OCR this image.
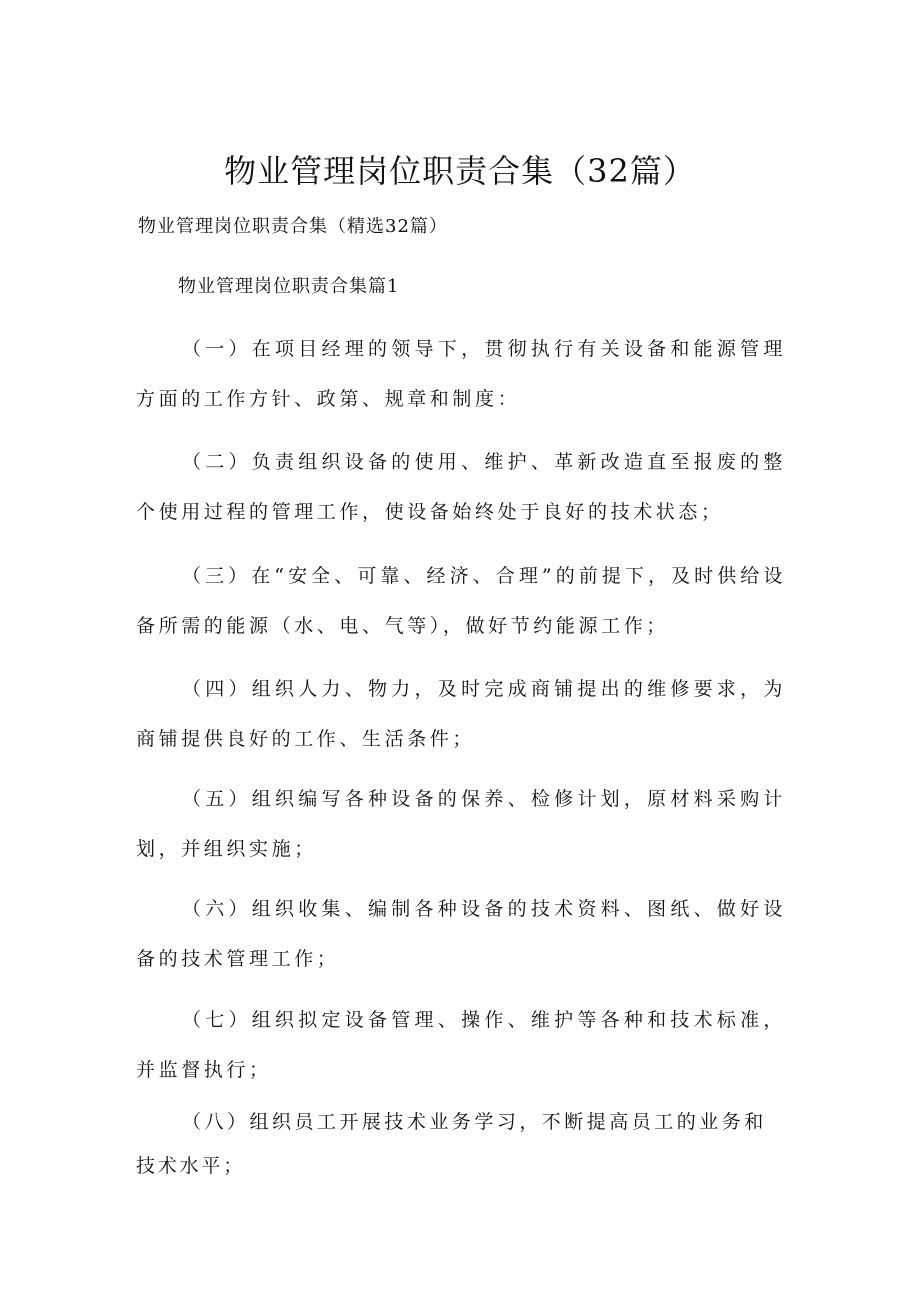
物业管理岗位职责合集（32篇）
物业管理岗位职责合集（精选32篇）
物业管理岗位职责合集篇1
（一）在项目经理的领导下，贯彻执行有关设备和能源管理方面的工作方针、政第、规章和制度：
（二）负责组织设备的使用、维护、革新改造直至报废的整个使用过程的管理工作，使设备始终处于良好的技术状态；
（三）在“安全、可靠、经济、合理”的前提下，及时供给设备所需的能源（水、电、气等），做好节约能源工作；
（四）组织人力、物力，及时完成商铺提出的维修要求，为商铺提供良好的工作、生活条件；
（五）组织编写各种设备的保养、检修计划，原材料采购计划，并组织实施；
（六）组织收集、编制各种设备的技术资料、图纸、做好设备的技术管理工作；
（七）组织拟定设备管理、操作、维护等各种和技术标准，并监督执行；
（八）组织员工开展技术业务学习，不断提高员工的业务和技术水平；
